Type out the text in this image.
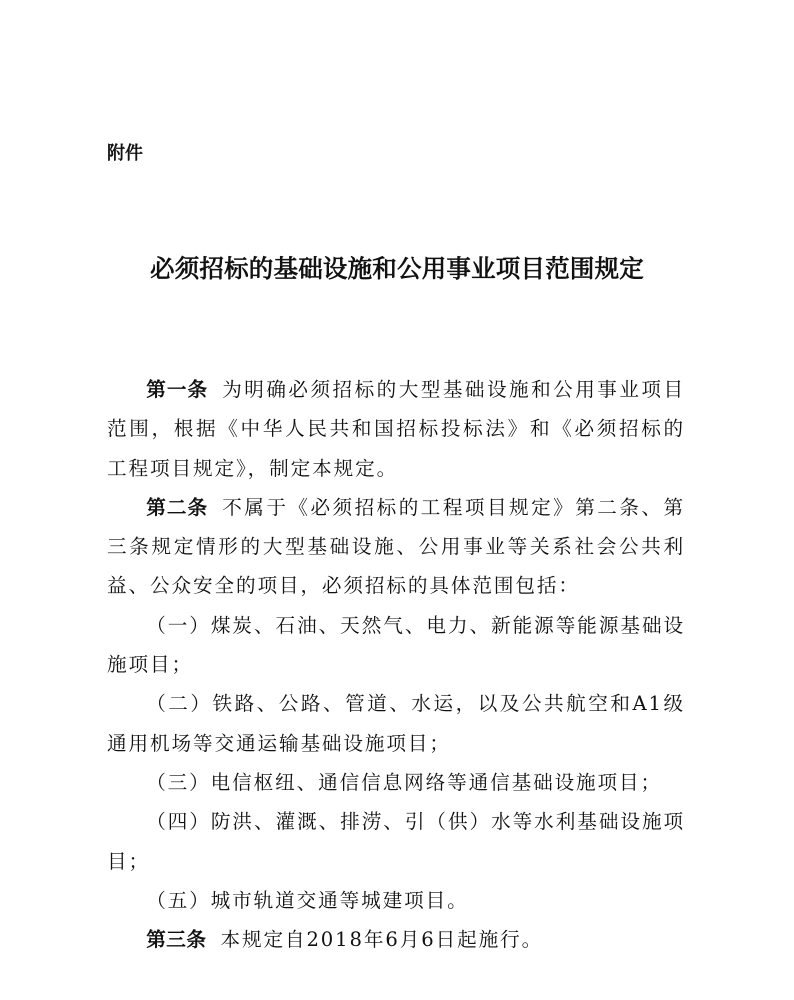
附件
必须招标的基础设施和公用事业项目范围规定

第一条 为明确必须招标的大型基础设施和公用事业项目范围，根据《中华人民共和国招标投标法》和《必须招标的工程项目规定》，制定本规定。

第二条 不属于《必须招标的工程项目规定》第二条、第三条规定情形的大型基础设施、公用事业等关系社会公共利益、公众安全的项目，必须招标的具体范围包括：

（一）煤炭、石油、天然气、电力、新能源等能源基础设施项目；

（二）铁路、公路、管道、水运，以及公共航空和A1级通用机场等交通运输基础设施项目；

（三）电信枢纽、通信信息网络等通信基础设施项目；

（四）防洪、灌溉、排涝、引（供）水等水利基础设施项目；

（五）城市轨道交通等城建项目。

第三条 本规定自2018年6月6日起施行。
